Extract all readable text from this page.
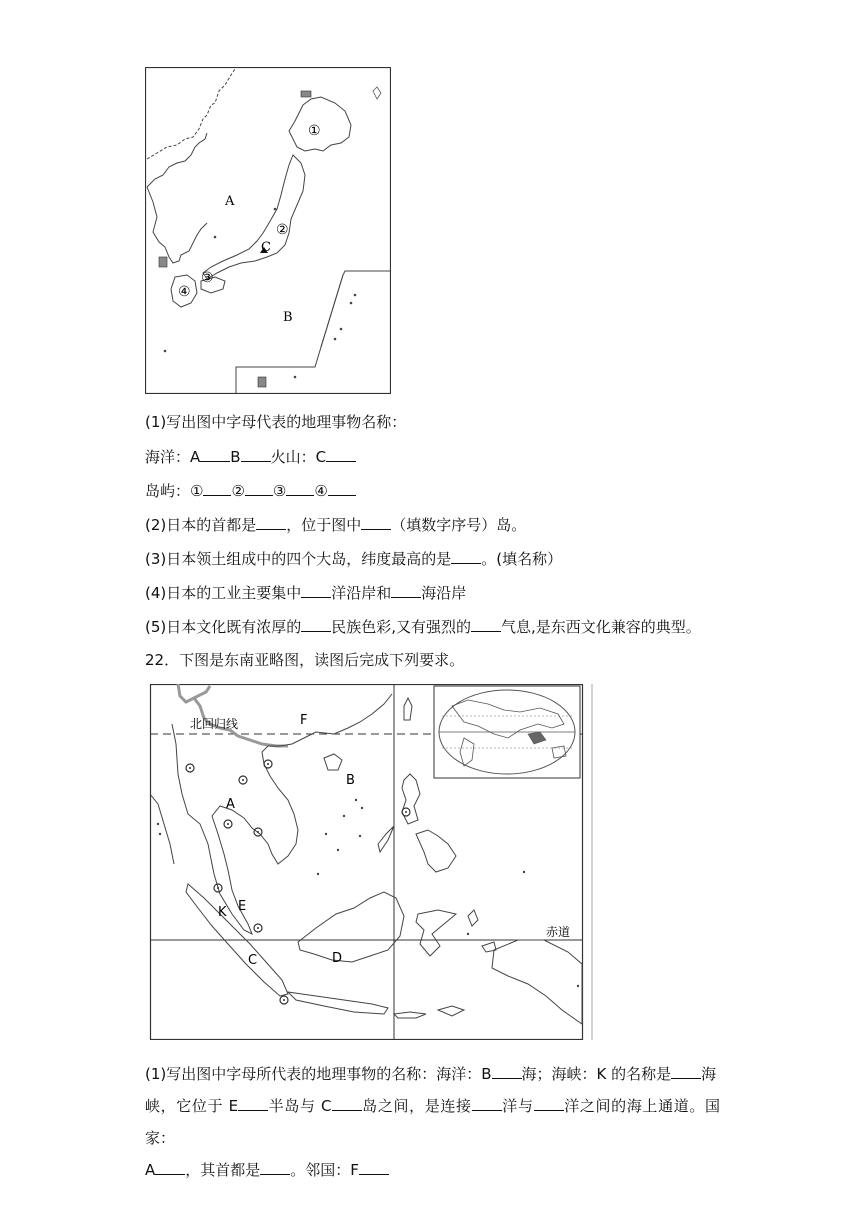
A
B
C
①
②
③
④
(1)写出图中字母代表的地理事物名称：
海洋：A B 火山：C
岛屿：① ② ③ ④
(2)日本的首都是 ，位于图中 （填数字序号）岛。
(3)日本领土组成中的四个大岛，纬度最高的是 。(填名称）
(4)日本的工业主要集中 洋沿岸和 海沿岸
(5)日本文化既有浓厚的 民族色彩,又有强烈的 气息,是东西文化兼容的典型。
22．下图是东南亚略图，读图后完成下列要求。
北回归线	F
A
B
C	D
E
K
赤道
(1)写出图中字母所代表的地理事物的名称：海洋：B 海；海峡：K 的名称是 海
峡，它位于 E 半岛与 C 岛之间，是连接 洋与 洋之间的海上通道。国家：
A ，其首都是 。邻国：F
